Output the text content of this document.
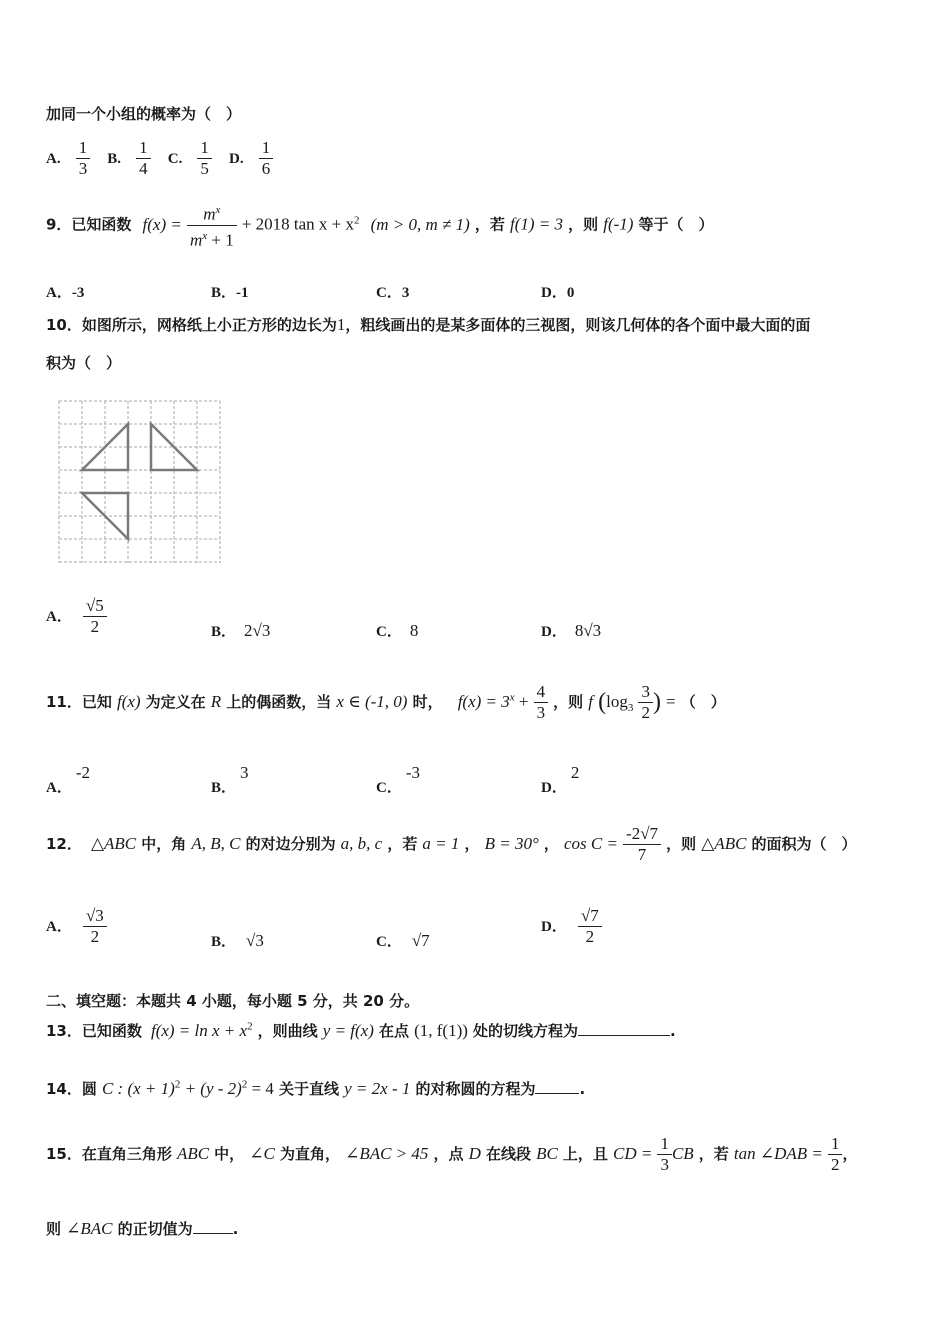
加同一个小组的概率为（　）
A. $\frac{1}{3} B$. $\frac{1}{4} C$. $\frac{1}{5} D$. $\frac{1}{6}$
9．已知函数 $f(x) = \frac{m^x}{m^x + 1} + 2018$ $\tan x + x^2$ (m > 0, m ≠ 1) ，若 f(1) = 3 ，则 f(-1) 等于（　）
A．-3	B．-1	C．3	D．0
10．如图所示，网格纸上小正方形的边长为1，粗线画出的是某多面体的三视图，则该几何体的各个面中最大面的面
积为（　）
A． $\frac{√5}{2}$	B． 2√3	C． 8	D． 8√3
11．已知 f(x) 为定义在 R 上的偶函数，当 x ∈ (-1, 0) 时， $f(x) = 3^x + \frac{4}{3}$ ，则 f ($\log_3 \frac{3}{2}$ ) = （　）
A．-2
B．3
C．-3
D．2
12． △ABC 中，角 A, B, C 的对边分别为 a, b, c ，若 a = 1 ， B = 30° ， $\cos C = \frac{-2√7}{7}$ ，则 △ABC 的面积为（　）
A． $\frac{√3}{2}$	B． √3	C． √7
D． $\frac{√7}{2}$
二、填空题：本题共 4 小题，每小题 5 分，共 20 分。
13．已知函数 $f(x) = \ln x + x^2$ ，则曲线 y = f(x) 在点 (1, f(1)) 处的切线方程为	.
14．圆 C : $(x + 1)^2 + (y - 2)^2 = 4$ 关于直线 y = 2x - 1 的对称圆的方程为	.
15．在直角三角形 ABC 中， ∠C 为直角， ∠BAC > 45 ，点 D 在线段 BC 上，且 CD = $\frac{1}{3}$ CB ，若 tan ∠DAB = $\frac{1}{2}$ ，
则 ∠BAC 的正切值为	.
